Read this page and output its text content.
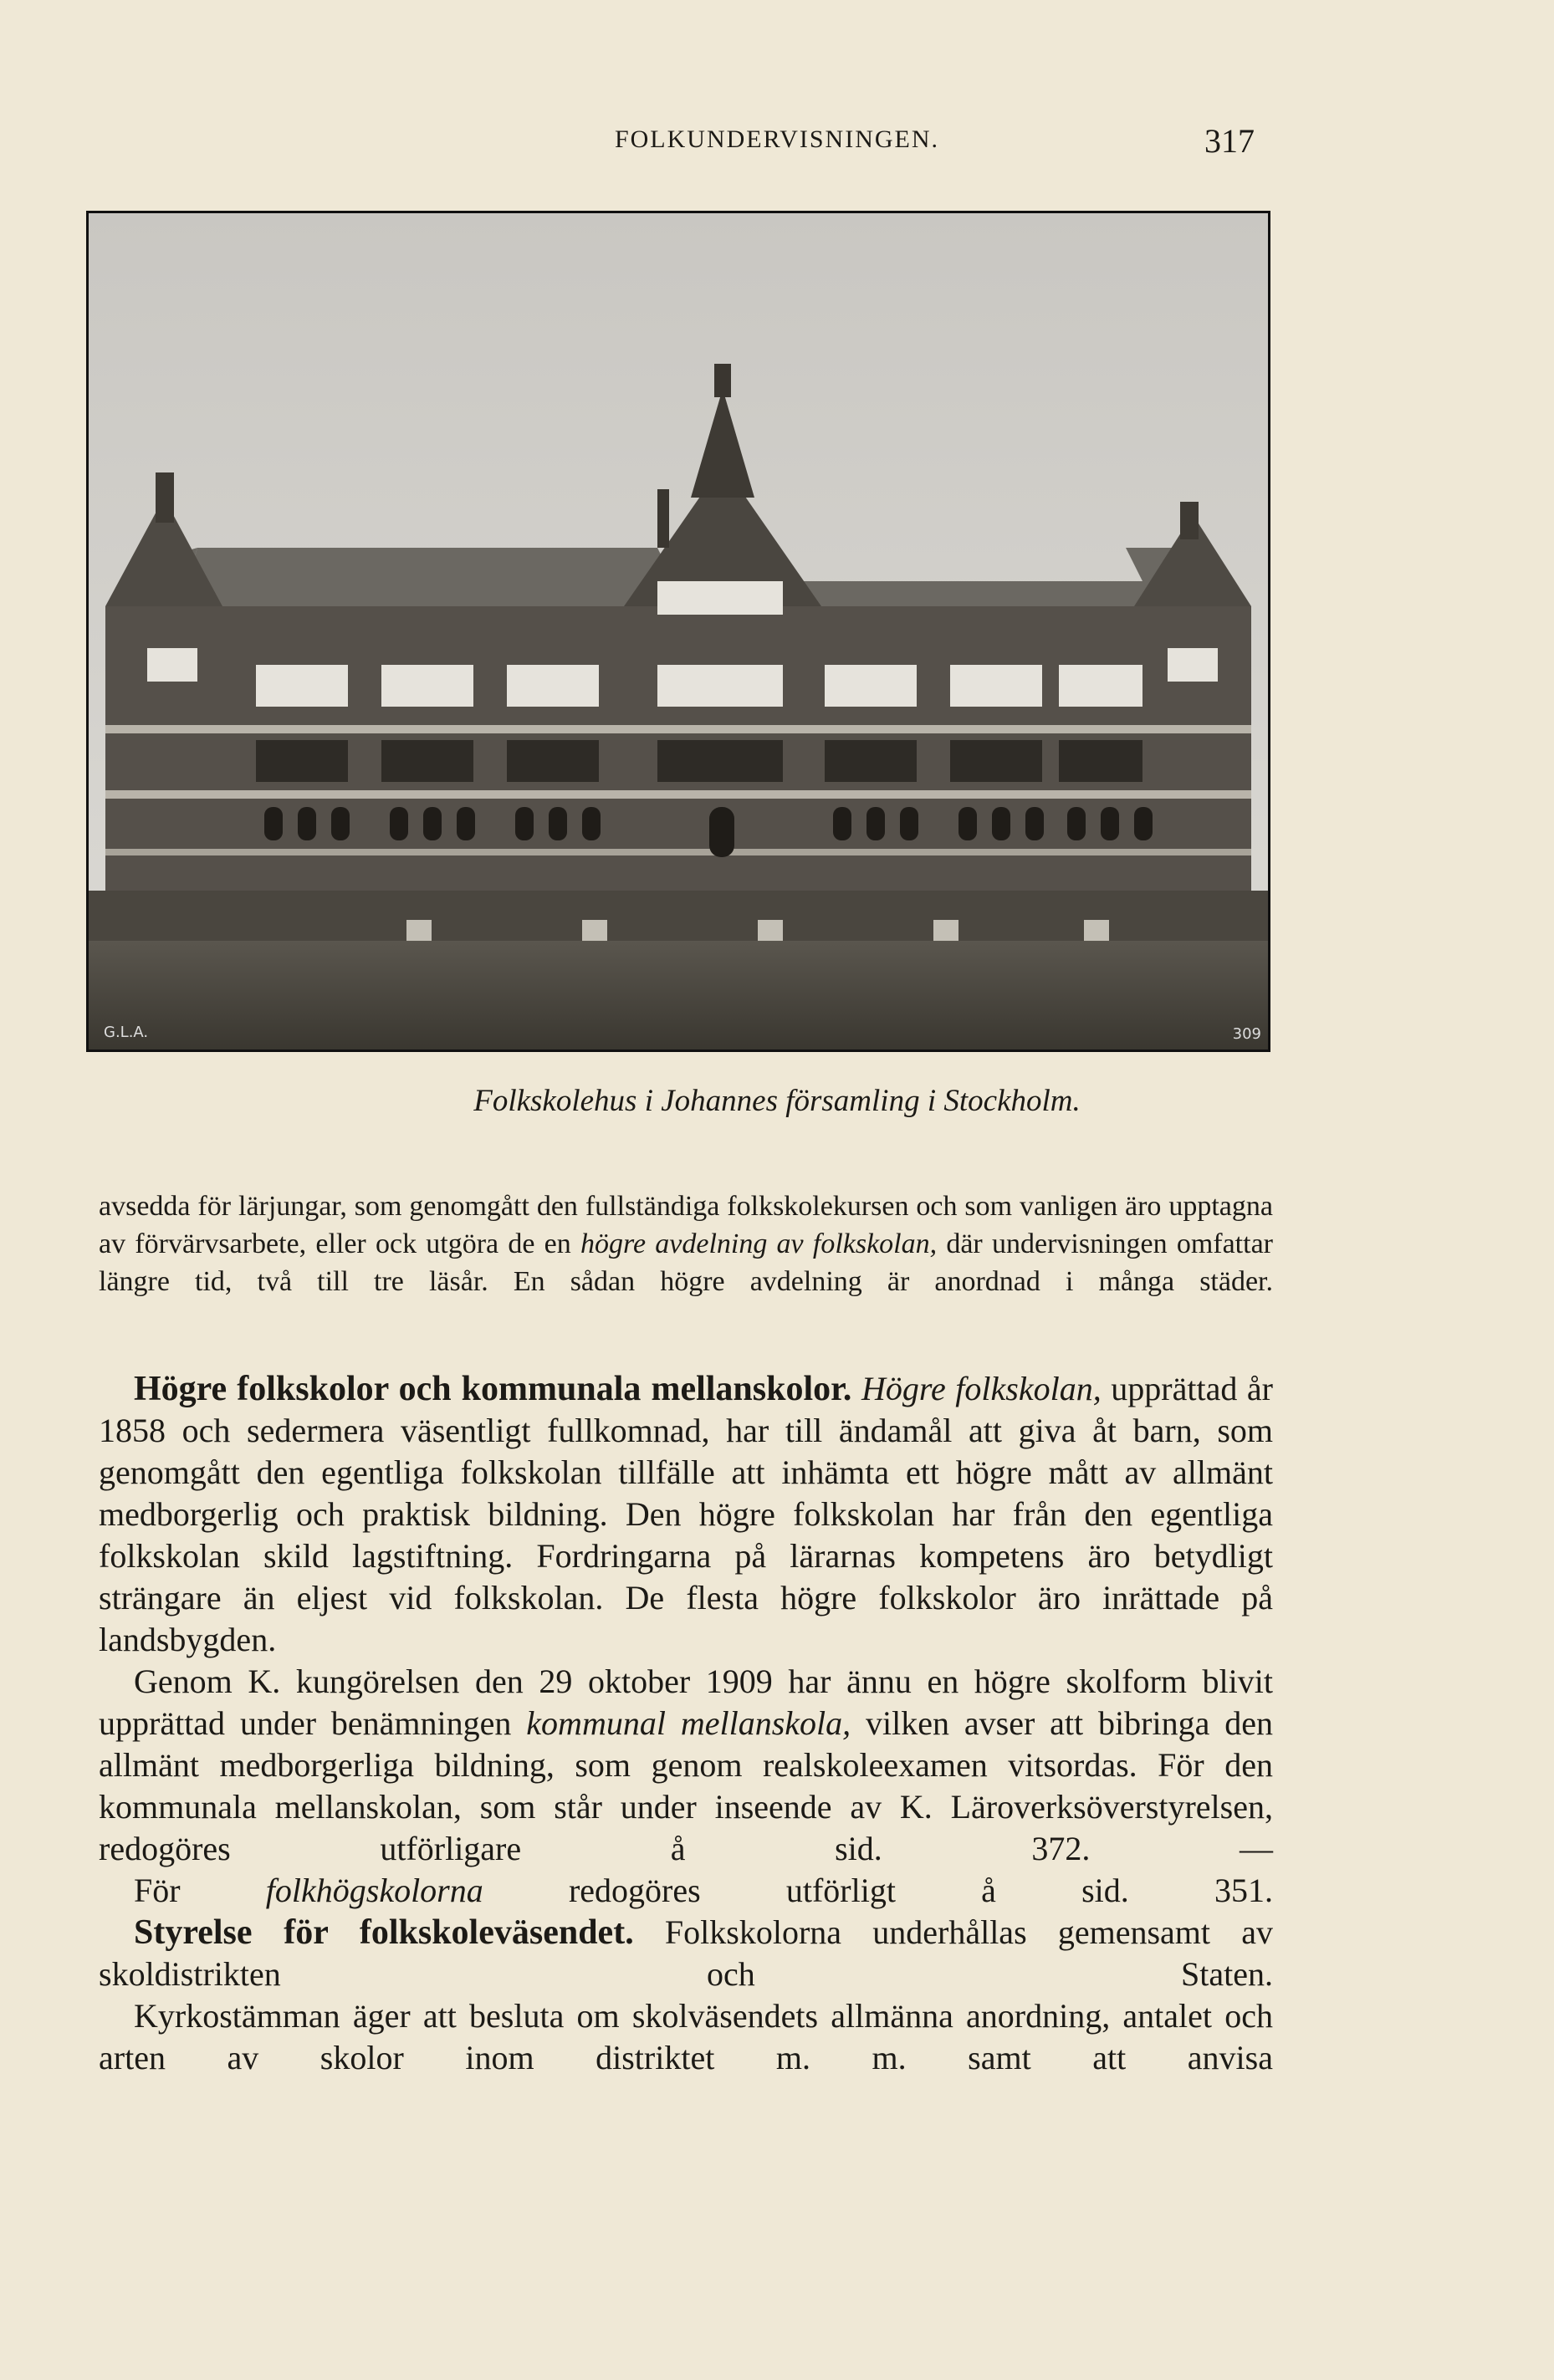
FOLKUNDERVISNINGEN.	317
G.L.A.	309
Folkskolehus i Johannes församling i Stockholm.

avsedda för lärjungar, som genomgått den fullständiga folkskolekursen och som vanligen äro upptagna av förvärvsarbete, eller ock utgöra de en högre avdelning av folkskolan, där undervisningen omfattar längre tid, två till tre läsår. En sådan högre avdelning är anordnad i många städer.

Högre folkskolor och kommunala mellanskolor. Högre folkskolan, upprättad år 1858 och sedermera väsentligt fullkomnad, har till ändamål att giva åt barn, som genomgått den egentliga folkskolan tillfälle att inhämta ett högre mått av allmänt medborgerlig och praktisk bildning. Den högre folkskolan har från den egentliga folkskolan skild lagstiftning. Fordringarna på lärarnas kompetens äro betydligt strängare än eljest vid folkskolan. De flesta högre folkskolor äro inrättade på landsbygden.

Genom K. kungörelsen den 29 oktober 1909 har ännu en högre skolform blivit upprättad under benämningen kommunal mellanskola, vilken avser att bibringa den allmänt medborgerliga bildning, som genom realskoleexamen vitsordas. För den kommunala mellanskolan, som står under inseende av K. Läroverksöverstyrelsen, redogöres utförligare å sid. 372. —

För folkhögskolorna redogöres utförligt å sid. 351.

Styrelse för folkskoleväsendet. Folkskolorna underhållas gemensamt av skoldistrikten och Staten.

Kyrkostämman äger att besluta om skolväsendets allmänna anordning, antalet och arten av skolor inom distriktet m. m. samt att anvisa
